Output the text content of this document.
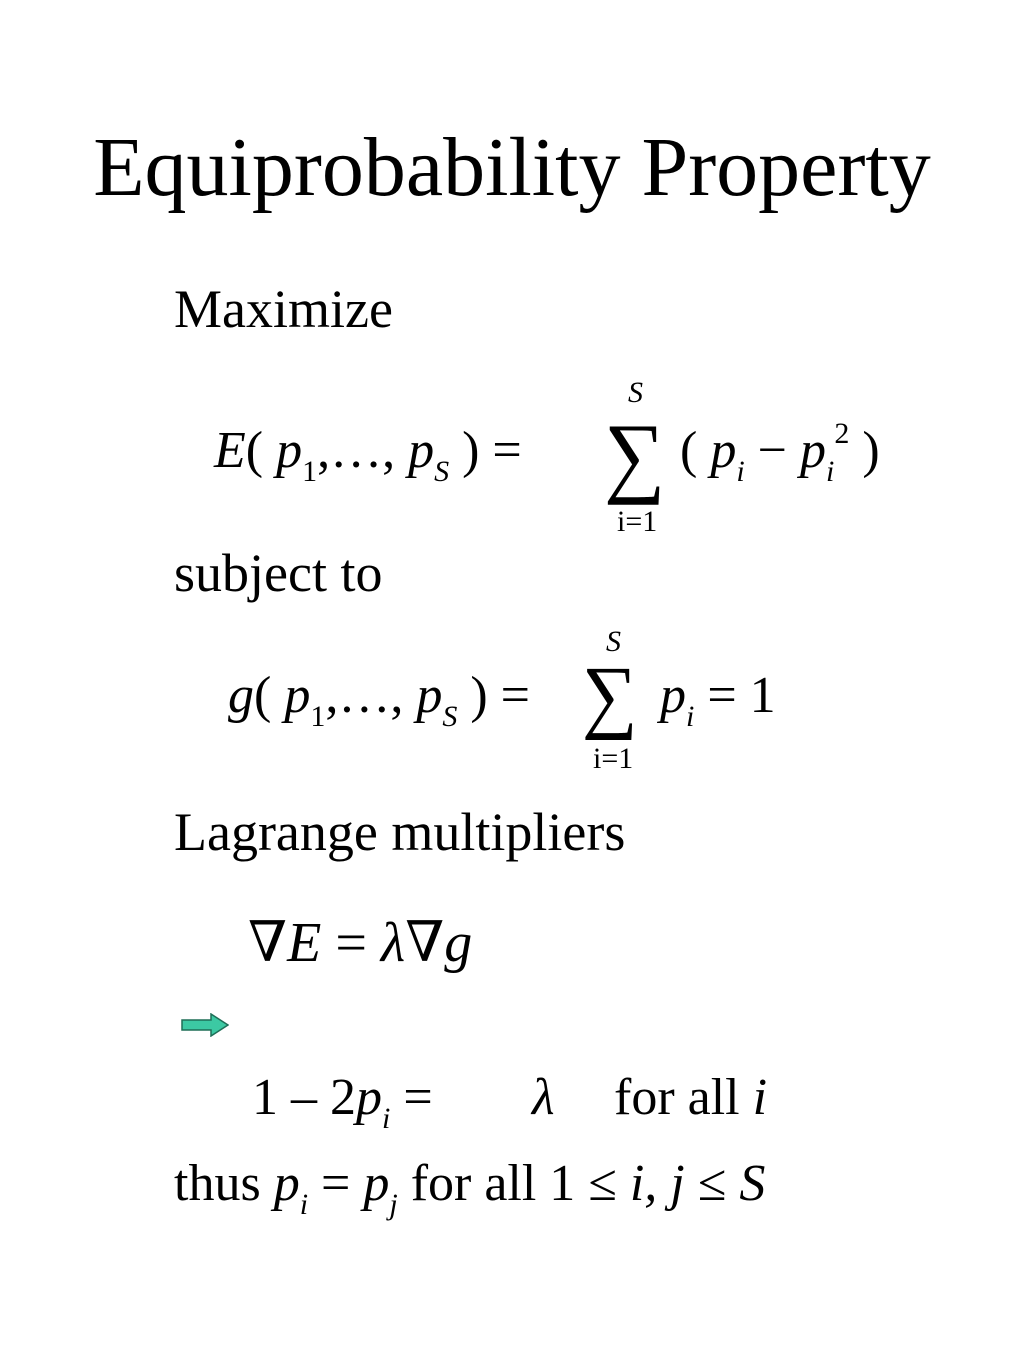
Equiprobability Property
Maximize
E( $p_1,\dots$, $p_S$ ) =
S
∑
i=1
( $p_i - p_i^2$ )
subject to
g( $p_1,\dots$, $p_S$ ) =
S
∑
i=1
$p_i = 1$
Lagrange multipliers
∇E = λ∇g
$1 - 2p_i = \lambda$ for all i
thus $p_i = p_j$ for all 1 ≤ i, j ≤ S
